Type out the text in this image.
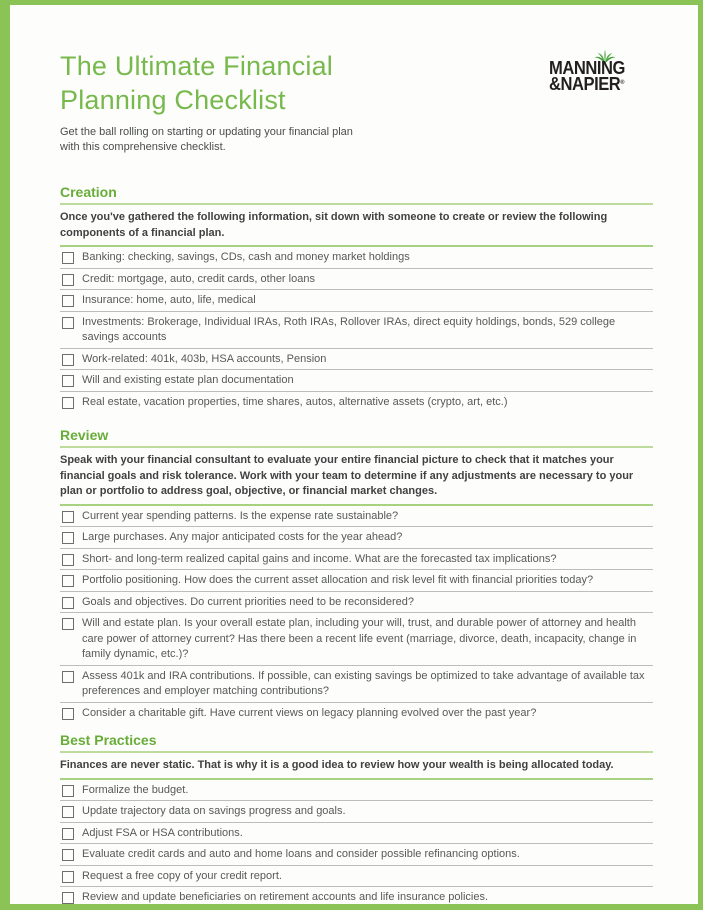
The Ultimate Financial
Planning Checklist
Get the ball rolling on starting or updating your financial plan with this comprehensive checklist.
MANNING
&NAPIER®
Creation
Once you've gathered the following information, sit down with someone to create or review the following components of a financial plan.
Banking: checking, savings, CDs, cash and money market holdings
Credit: mortgage, auto, credit cards, other loans
Insurance: home, auto, life, medical
Investments: Brokerage, Individual IRAs, Roth IRAs, Rollover IRAs, direct equity holdings, bonds, 529 college savings accounts
Work-related: 401k, 403b, HSA accounts, Pension
Will and existing estate plan documentation
Real estate, vacation properties, time shares, autos, alternative assets (crypto, art, etc.)
Review
Speak with your financial consultant to evaluate your entire financial picture to check that it matches your financial goals and risk tolerance. Work with your team to determine if any adjustments are necessary to your plan or portfolio to address goal, objective, or financial market changes.
Current year spending patterns. Is the expense rate sustainable?
Large purchases. Any major anticipated costs for the year ahead?
Short- and long-term realized capital gains and income. What are the forecasted tax implications?
Portfolio positioning. How does the current asset allocation and risk level fit with financial priorities today?
Goals and objectives. Do current priorities need to be reconsidered?
Will and estate plan. Is your overall estate plan, including your will, trust, and durable power of attorney and health care power of attorney current? Has there been a recent life event (marriage, divorce, death, incapacity, change in family dynamic, etc.)?
Assess 401k and IRA contributions. If possible, can existing savings be optimized to take advantage of available tax preferences and employer matching contributions?
Consider a charitable gift. Have current views on legacy planning evolved over the past year?
Best Practices
Finances are never static. That is why it is a good idea to review how your wealth is being allocated today.
Formalize the budget.
Update trajectory data on savings progress and goals.
Adjust FSA or HSA contributions.
Evaluate credit cards and auto and home loans and consider possible refinancing options.
Request a free copy of your credit report.
Review and update beneficiaries on retirement accounts and life insurance policies.
